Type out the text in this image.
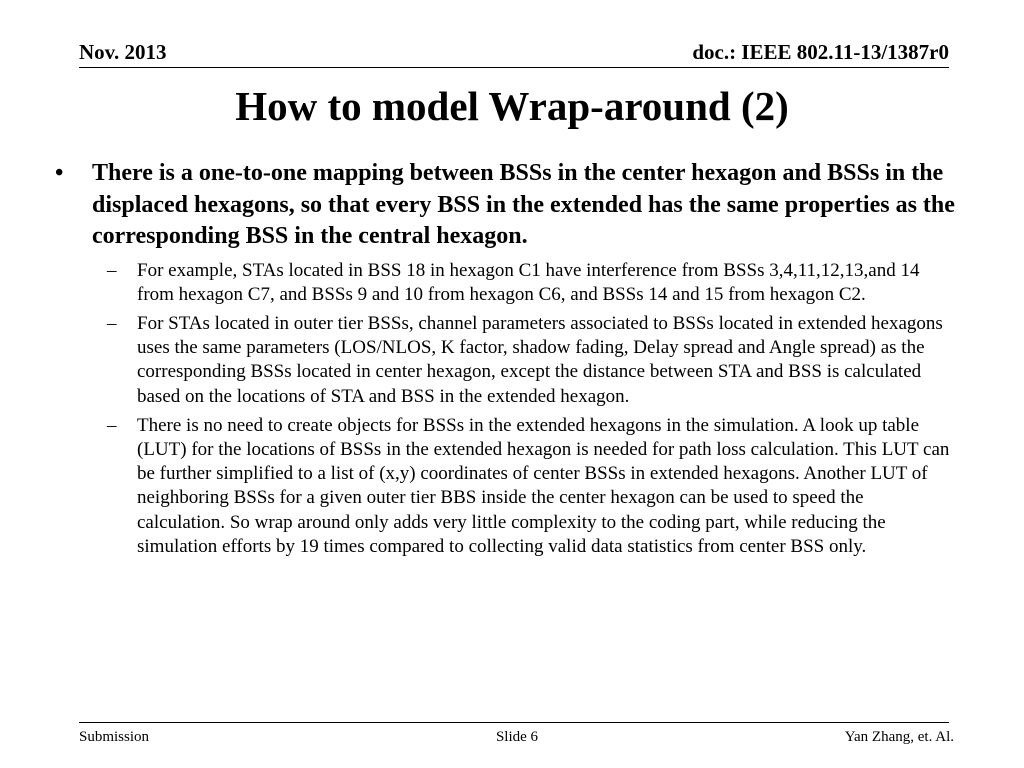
Nov. 2013	doc.: IEEE 802.11-13/1387r0
How to model Wrap-around (2)
• There is a one-to-one mapping between BSSs in the center hexagon and BSSs in the displaced hexagons, so that every BSS in the extended has the same properties as the corresponding BSS in the central hexagon.
– For example, STAs located in BSS 18 in hexagon C1 have interference from BSSs 3,4,11,12,13,and 14 from hexagon C7, and BSSs 9 and 10 from hexagon C6, and BSSs 14 and 15 from hexagon C2.
– For STAs located in outer tier BSSs, channel parameters associated to BSSs located in extended hexagons uses the same parameters (LOS/NLOS, K factor, shadow fading, Delay spread and Angle spread) as the corresponding BSSs located in center hexagon, except the distance between STA and BSS is calculated based on the locations of STA and BSS in the extended hexagon.
– There is no need to create objects for BSSs in the extended hexagons in the simulation. A look up table (LUT) for the locations of BSSs in the extended hexagon is needed for path loss calculation. This LUT can be further simplified to a list of (x,y) coordinates of center BSSs in extended hexagons. Another LUT of neighboring BSSs for a given outer tier BBS inside the center hexagon can be used to speed the calculation. So wrap around only adds very little complexity to the coding part, while reducing the simulation efforts by 19 times compared to collecting valid data statistics from center BSS only.
Submission	Slide 6	Yan Zhang, et. Al.
